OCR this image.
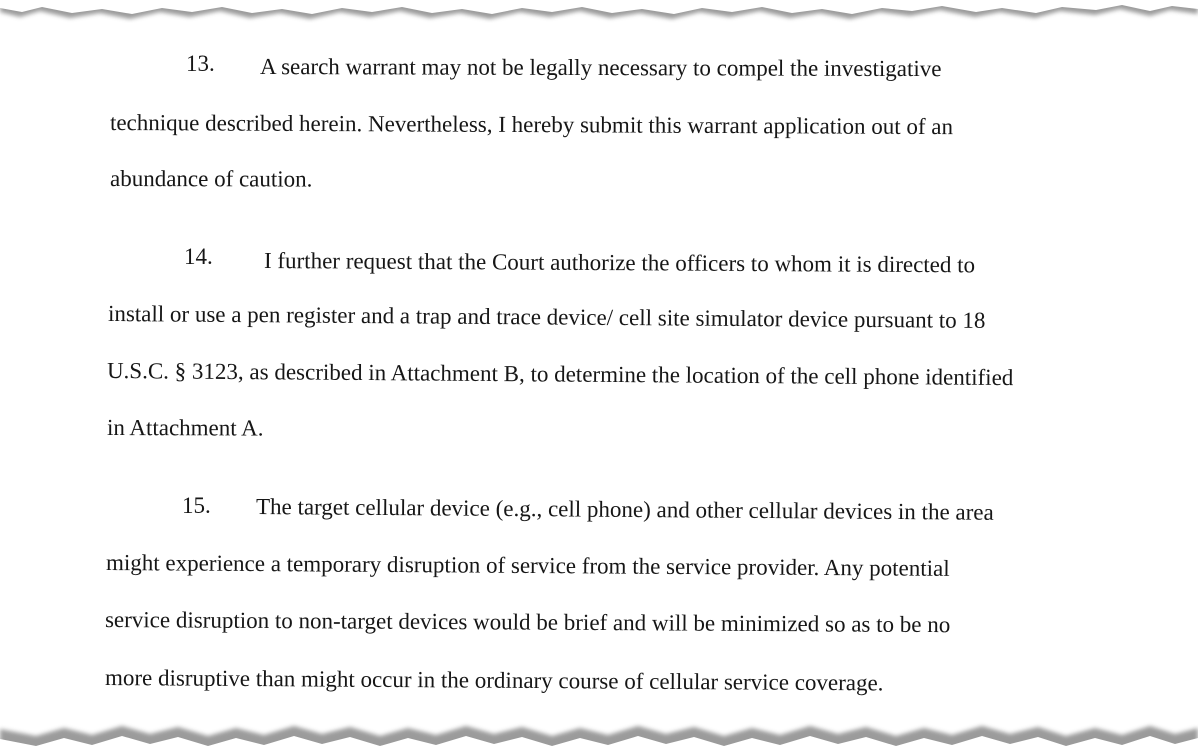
13. A search warrant may not be legally necessary to compel the investigative
technique described herein. Nevertheless, I hereby submit this warrant application out of an
abundance of caution.
14. I further request that the Court authorize the officers to whom it is directed to
install or use a pen register and a trap and trace device/ cell site simulator device pursuant to 18
U.S.C. § 3123, as described in Attachment B, to determine the location of the cell phone identified
in Attachment A.
15. The target cellular device (e.g., cell phone) and other cellular devices in the area
might experience a temporary disruption of service from the service provider. Any potential
service disruption to non-target devices would be brief and will be minimized so as to be no
more disruptive than might occur in the ordinary course of cellular service coverage.
